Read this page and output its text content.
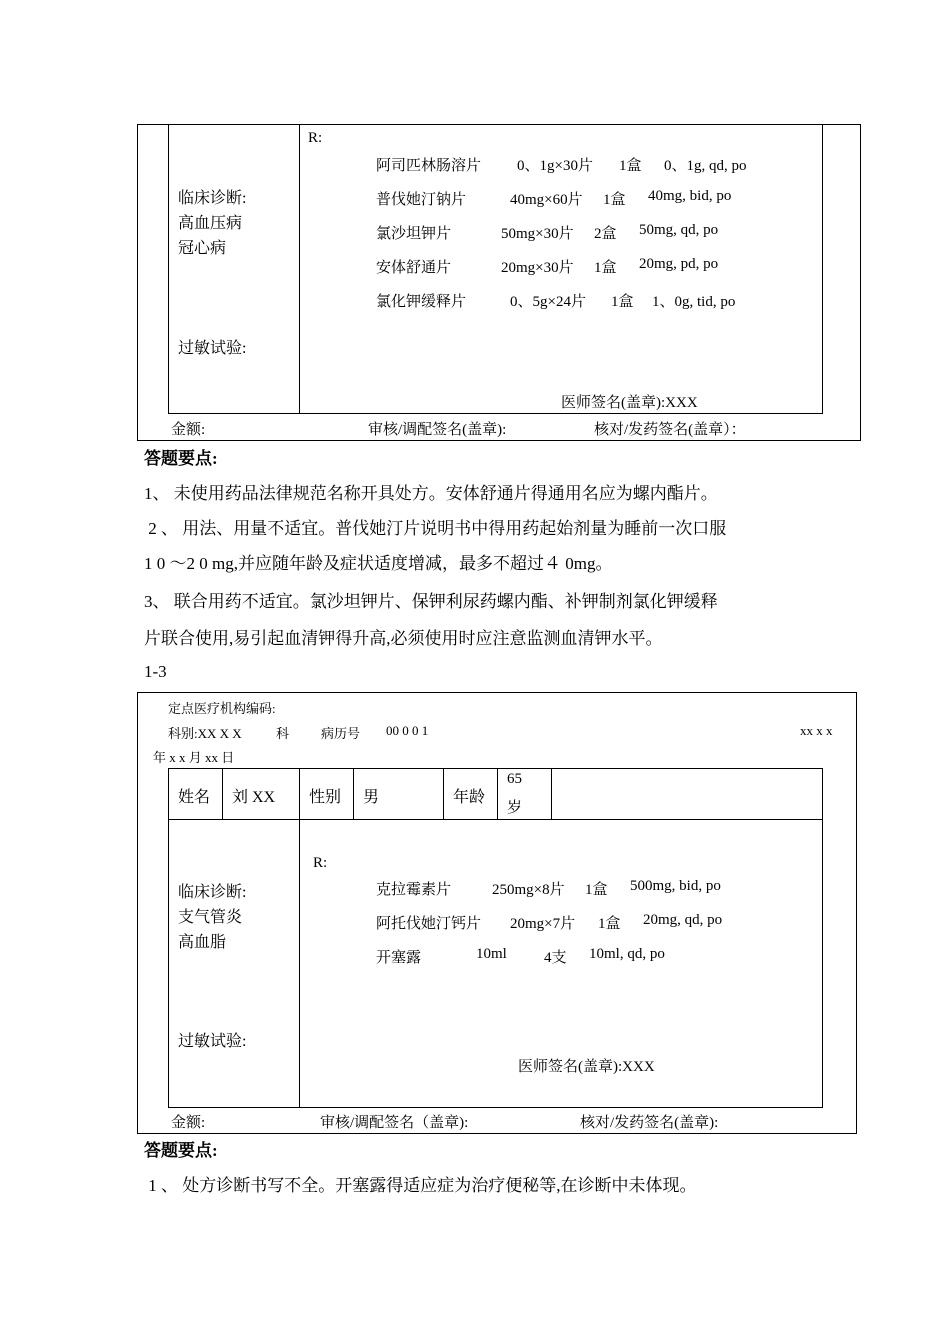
R:
阿司匹林肠溶片 0、1g×30片 1盒 0、1g, qd, po
普伐她汀钠片	40mg×60片 1盒 40mg, bid, po
氯沙坦钾片	50mg×30片 2盒 50mg, qd, po
安体舒通片	20mg×30片 1盒 20mg, pd, po
氯化钾缓释片	0、5g×24片 1盒 1、0g, tid, po
临床诊断:
高血压病
冠心病
过敏试验:
医师签名(盖章):XXX
金额:	审核/调配签名(盖章):	核对/发药签名(盖章）：
答题要点:
1、 未使用药品法律规范名称开具处方。安体舒通片得通用名应为螺内酯片。
2 、 用法、用量不适宜。普伐她汀片说明书中得用药起始剂量为睡前一次口服
1 0 ～2 0 mg,并应随年龄及症状适度增减，最多不超过４ 0mg。
3、 联合用药不适宜。氯沙坦钾片、保钾利尿药螺内酯、补钾制剂氯化钾缓释
片联合使用,易引起血清钾得升高,必须使用时应注意监测血清钾水平。
1-3
定点医疗机构编码:
科别:XX X X	科 病历号 00 0 0 1	xx x x
年 x x 月 xx 日
姓名 刘 XX 性别 男	年龄
65
岁
R:
克拉霉素片	250mg×8片 1盒 500mg, bid, po
阿托伐她汀钙片 20mg×7片 1盒 20mg, qd, po
开塞露	10ml 4支 10ml, qd, po
临床诊断:
支气管炎
高血脂
过敏试验:
医师签名(盖章):XXX
金额:	审核/调配签名（盖章):	核对/发药签名(盖章):
答题要点:
1 、 处方诊断书写不全。开塞露得适应症为治疗便秘等,在诊断中未体现。
